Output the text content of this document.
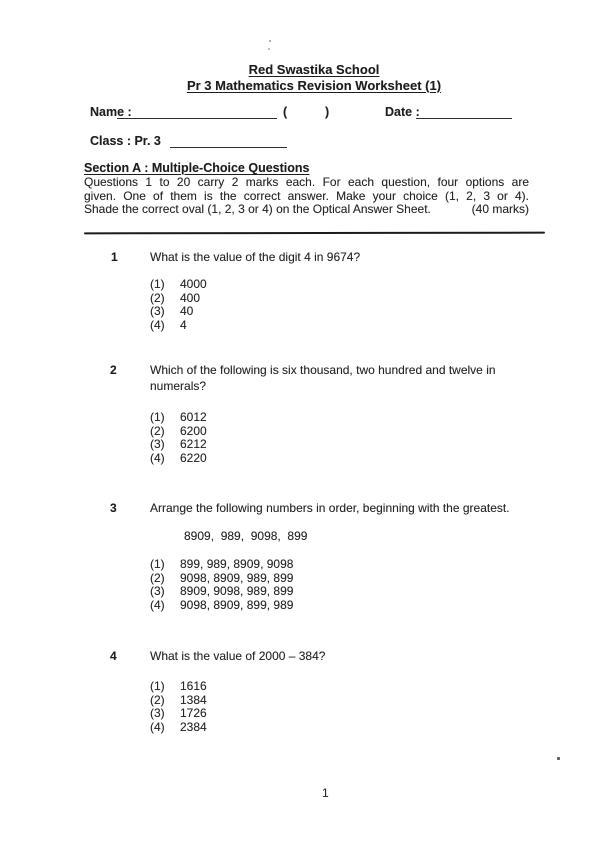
Red Swastika School
Pr 3 Mathematics Revision Worksheet (1)
Name :	(	)	Date :
Class : Pr. 3
Section A : Multiple-Choice Questions
Questions 1 to 20 carry 2 marks each. For each question, four options are
given. One of them is the correct answer. Make your choice (1, 2, 3 or 4).
Shade the correct oval (1, 2, 3 or 4) on the Optical Answer Sheet.	(40 marks)
1	What is the value of the digit 4 in 9674?
(1) 4000
(2) 400
(3) 40
(4) 4
2	Which of the following is six thousand, two hundred and twelve in
numerals?
(1) 6012
(2) 6200
(3) 6212
(4) 6220
3	Arrange the following numbers in order, beginning with the greatest.
8909,  989,  9098,  899
(1) 899, 989, 8909, 9098
(2) 9098, 8909, 989, 899
(3) 8909, 9098, 989, 899
(4) 9098, 8909, 899, 989
4	What is the value of 2000 – 384?
(1) 1616
(2) 1384
(3) 1726
(4) 2384
1
